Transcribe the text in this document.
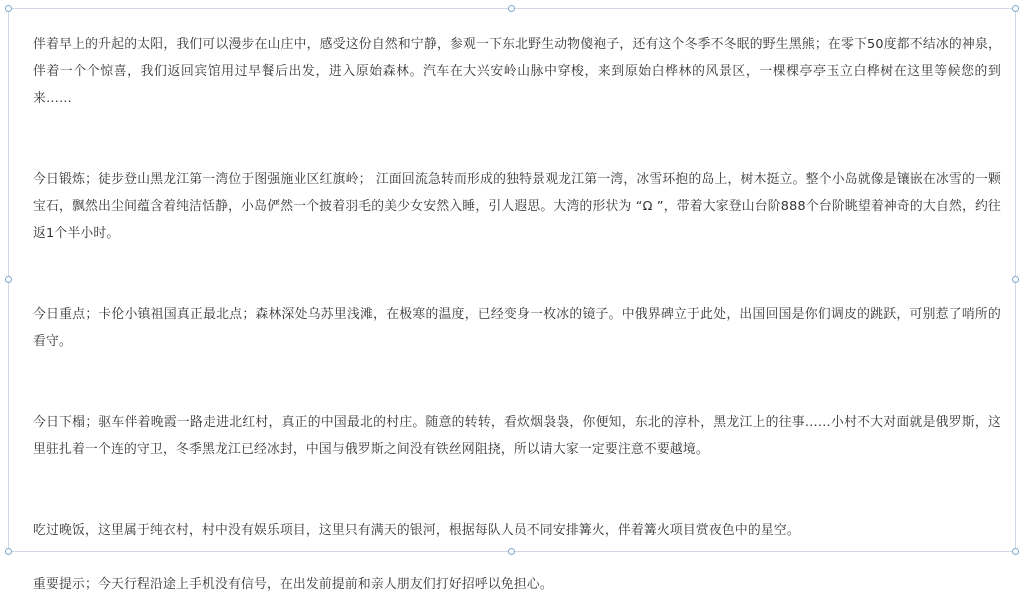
伴着早上的升起的太阳，我们可以漫步在山庄中，感受这份自然和宁静，参观一下东北野生动物傻袍子，还有这个冬季不冬眠的野生黑熊；在零下50度都不结冰的神泉，伴着一个个惊喜，我们返回宾馆用过早餐后出发，进入原始森林。汽车在大兴安岭山脉中穿梭，来到原始白桦林的风景区，一棵棵亭亭玉立白桦树在这里等候您的到来……

今日锻炼；徒步登山黑龙江第一湾位于图强施业区红旗岭； 江面回流急转而形成的独特景观龙江第一湾，冰雪环抱的岛上，树木挺立。整个小岛就像是镶嵌在冰雪的一颗宝石，飘然出尘间蕴含着纯洁恬静，小岛俨然一个披着羽毛的美少女安然入睡，引人遐思。大湾的形状为 “Ω ”，带着大家登山台阶888个台阶眺望着神奇的大自然，约往返1个半小时。

今日重点；卡伦小镇祖国真正最北点；森林深处乌苏里浅滩，在极寒的温度，已经变身一枚冰的镜子。中俄界碑立于此处，出国回国是你们调皮的跳跃，可别惹了哨所的看守。

今日下榻；驱车伴着晚霞一路走进北红村，真正的中国最北的村庄。随意的转转，看炊烟袅袅，你便知，东北的淳朴，黑龙江上的往事……小村不大对面就是俄罗斯，这里驻扎着一个连的守卫，冬季黑龙江已经冰封，中国与俄罗斯之间没有铁丝网阻挠，所以请大家一定要注意不要越境。

吃过晚饭，这里属于纯衣村，村中没有娱乐项目，这里只有满天的银河，根据每队人员不同安排篝火，伴着篝火项目赏夜色中的星空。

重要提示；今天行程沿途上手机没有信号，在出发前提前和亲人朋友们打好招呼以免担心。
